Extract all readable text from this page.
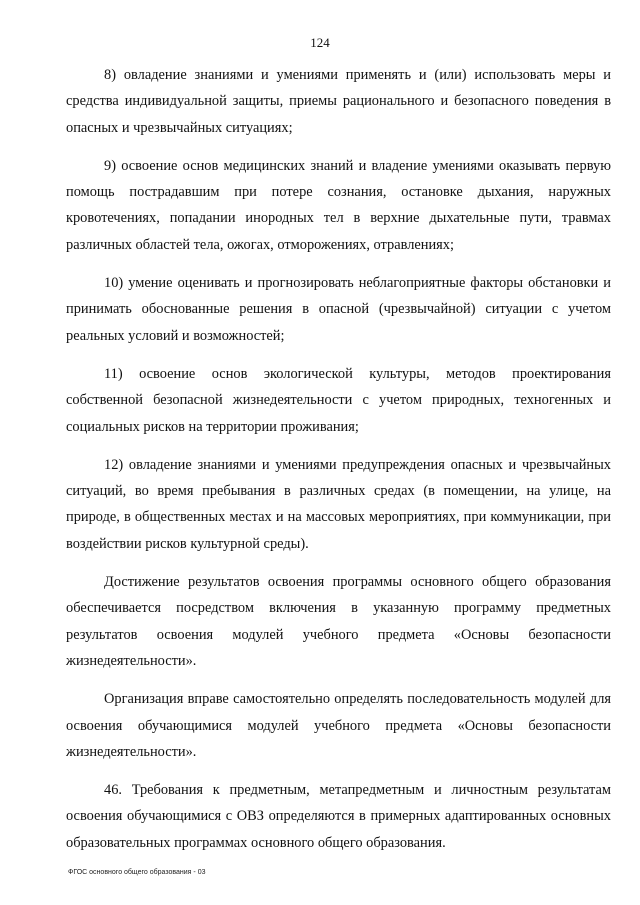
124

8) овладение знаниями и умениями применять и (или) использовать меры и средства индивидуальной защиты, приемы рационального и безопасного поведения в опасных и чрезвычайных ситуациях;

9) освоение основ медицинских знаний и владение умениями оказывать первую помощь пострадавшим при потере сознания, остановке дыхания, наружных кровотечениях, попадании инородных тел в верхние дыхательные пути, травмах различных областей тела, ожогах, отморожениях, отравлениях;

10) умение оценивать и прогнозировать неблагоприятные факторы обстановки и принимать обоснованные решения в опасной (чрезвычайной) ситуации с учетом реальных условий и возможностей;

11) освоение основ экологической культуры, методов проектирования собственной безопасной жизнедеятельности с учетом природных, техногенных и социальных рисков на территории проживания;

12) овладение знаниями и умениями предупреждения опасных и чрезвычайных ситуаций, во время пребывания в различных средах (в помещении, на улице, на природе, в общественных местах и на массовых мероприятиях, при коммуникации, при воздействии рисков культурной среды).

Достижение результатов освоения программы основного общего образования обеспечивается посредством включения в указанную программу предметных результатов освоения модулей учебного предмета «Основы безопасности жизнедеятельности».

Организация вправе самостоятельно определять последовательность модулей для освоения обучающимися модулей учебного предмета «Основы безопасности жизнедеятельности».

46. Требования к предметным, метапредметным и личностным результатам освоения обучающимися с ОВЗ определяются в примерных адаптированных основных образовательных программах основного общего образования.

ФГОС основного общего образования - 03
